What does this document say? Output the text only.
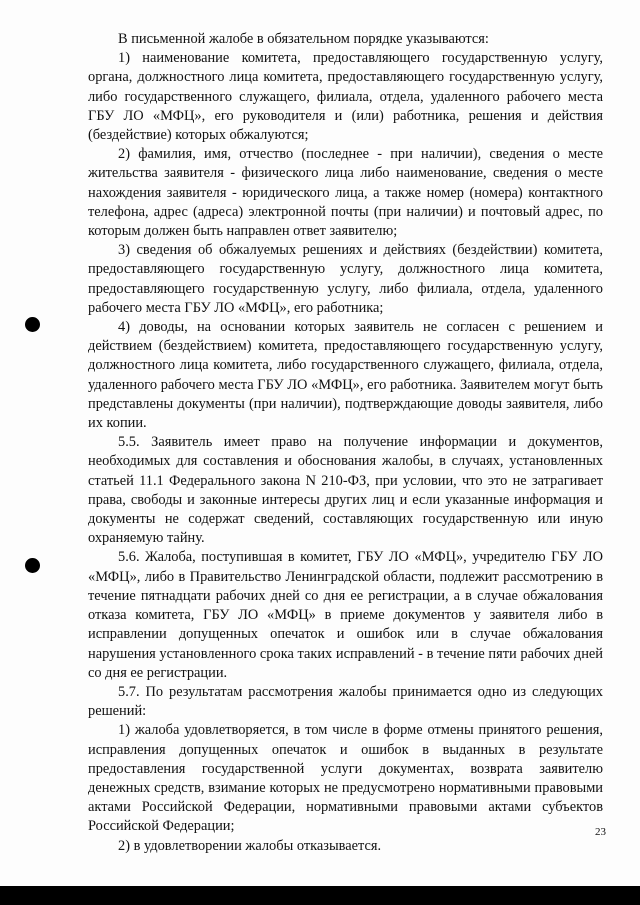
В письменной жалобе в обязательном порядке указываются:

1) наименование комитета, предоставляющего государственную услугу, органа, должностного лица комитета, предоставляющего государственную услугу, либо государственного служащего, филиала, отдела, удаленного рабочего места ГБУ ЛО «МФЦ», его руководителя и (или) работника, решения и действия (бездействие) которых обжалуются;

2) фамилия, имя, отчество (последнее - при наличии), сведения о месте жительства заявителя - физического лица либо наименование, сведения о месте нахождения заявителя - юридического лица, а также номер (номера) контактного телефона, адрес (адреса) электронной почты (при наличии) и почтовый адрес, по которым должен быть направлен ответ заявителю;

3) сведения об обжалуемых решениях и действиях (бездействии) комитета, предоставляющего государственную услугу, должностного лица комитета, предоставляющего государственную услугу, либо филиала, отдела, удаленного рабочего места ГБУ ЛО «МФЦ», его работника;

4) доводы, на основании которых заявитель не согласен с решением и действием (бездействием) комитета, предоставляющего государственную услугу, должностного лица комитета, либо государственного служащего, филиала, отдела, удаленного рабочего места ГБУ ЛО «МФЦ», его работника. Заявителем могут быть представлены документы (при наличии), подтверждающие доводы заявителя, либо их копии.

5.5. Заявитель имеет право на получение информации и документов, необходимых для составления и обоснования жалобы, в случаях, установленных статьей 11.1 Федерального закона N 210-ФЗ, при условии, что это не затрагивает права, свободы и законные интересы других лиц и если указанные информация и документы не содержат сведений, составляющих государственную или иную охраняемую тайну.

5.6. Жалоба, поступившая в комитет, ГБУ ЛО «МФЦ», учредителю ГБУ ЛО «МФЦ», либо в Правительство Ленинградской области, подлежит рассмотрению в течение пятнадцати рабочих дней со дня ее регистрации, а в случае обжалования отказа комитета, ГБУ ЛО «МФЦ» в приеме документов у заявителя либо в исправлении допущенных опечаток и ошибок или в случае обжалования нарушения установленного срока таких исправлений - в течение пяти рабочих дней со дня ее регистрации.

5.7. По результатам рассмотрения жалобы принимается одно из следующих решений:

1) жалоба удовлетворяется, в том числе в форме отмены принятого решения, исправления допущенных опечаток и ошибок в выданных в результате предоставления государственной услуги документах, возврата заявителю денежных средств, взимание которых не предусмотрено нормативными правовыми актами Российской Федерации, нормативными правовыми актами субъектов Российской Федерации;

2) в удовлетворении жалобы отказывается.

23
